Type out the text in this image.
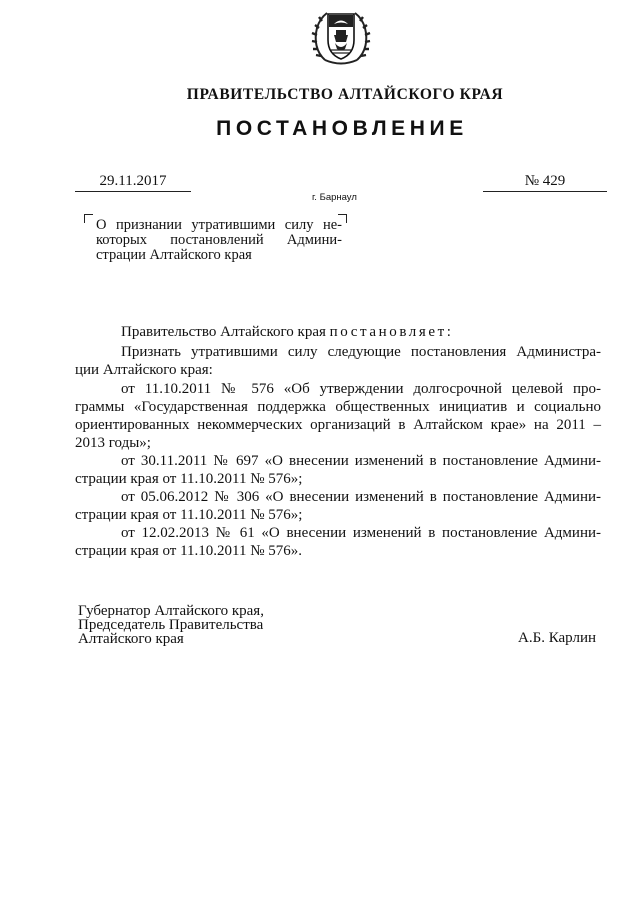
ПРАВИТЕЛЬСТВО АЛТАЙСКОГО КРАЯ
ПОСТАНОВЛЕНИЕ
29.11.2017	№ 429
г. Барнаул
О признании утратившими силу не-
которых постановлений Админи-
страции Алтайского края
Правительство Алтайского края постановляет:
Признать утратившими силу следующие постановления Администра-
ции Алтайского края:
от 11.10.2011 № 576 «Об утверждении долгосрочной целевой про-
граммы «Государственная поддержка общественных инициатив и социально
ориентированных некоммерческих организаций в Алтайском крае» на 2011 –
2013 годы»;
от 30.11.2011 № 697 «О внесении изменений в постановление Админи-
страции края от 11.10.2011 № 576»;
от 05.06.2012 № 306 «О внесении изменений в постановление Админи-
страции края от 11.10.2011 № 576»;
от 12.02.2013 № 61 «О внесении изменений в постановление Админи-
страции края от 11.10.2011 № 576».
Губернатор Алтайского края,
Председатель Правительства
Алтайского края	А.Б. Карлин
